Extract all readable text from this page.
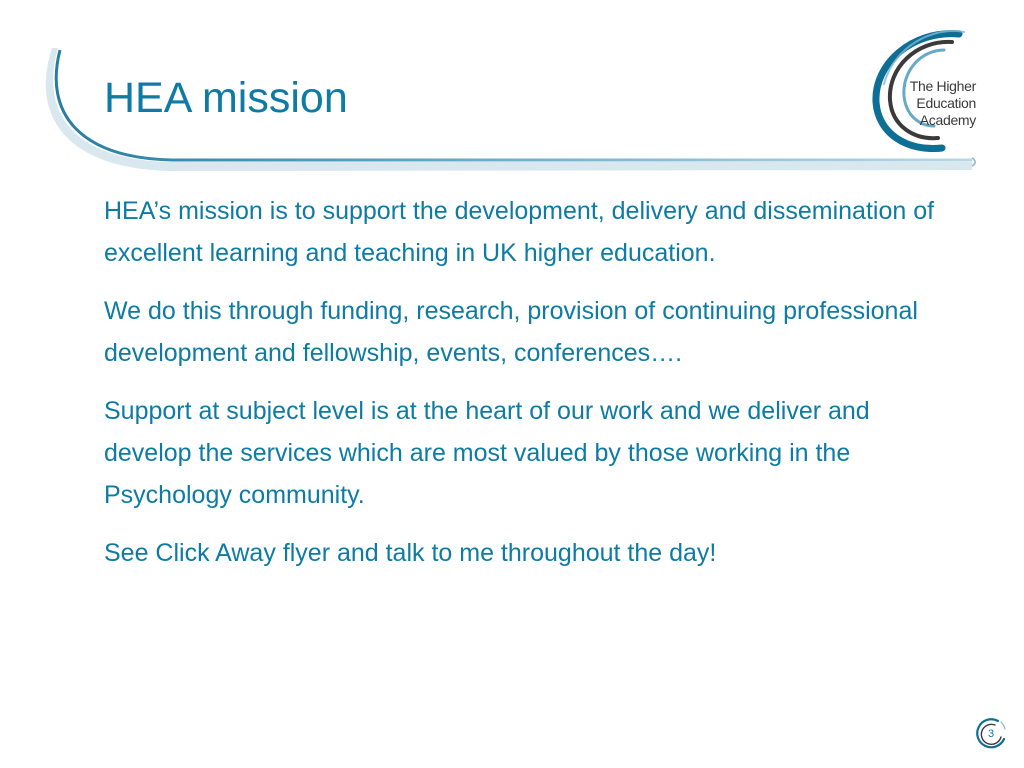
HEA mission	The Higher
Education
Academy

HEA’s mission is to support the development, delivery and dissemination of excellent learning and teaching in UK higher education.

We do this through funding, research, provision of continuing professional development and fellowship, events, conferences….

Support at subject level is at the heart of our work and we deliver and develop the services which are most valued by those working in the Psychology community.

See Click Away flyer and talk to me throughout the day!

3
